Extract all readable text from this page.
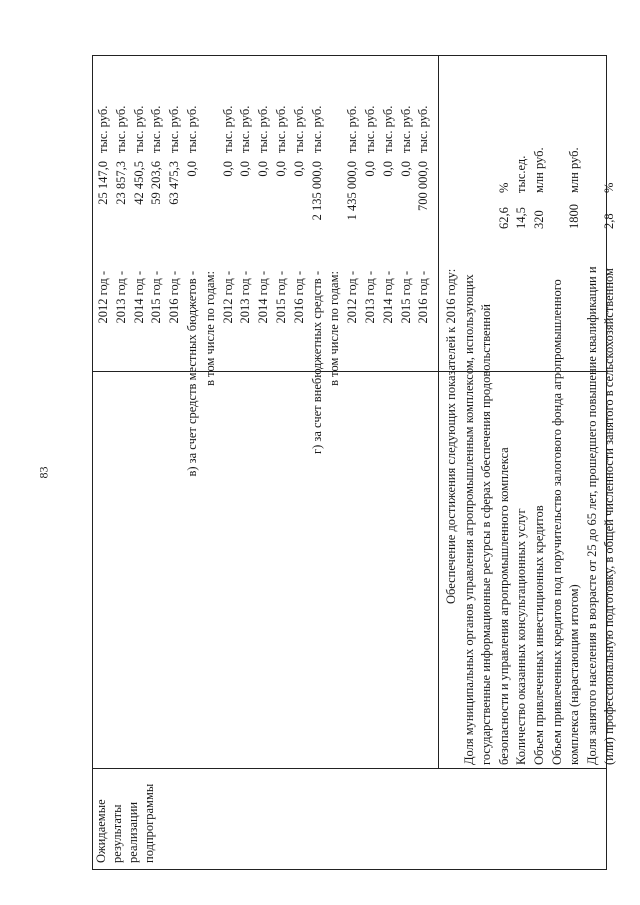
83
Ожидаемые результаты реализации подпрограммы
2012 год -
25 147,0
тыс. руб.
2013 год -
23 857,3
тыс. руб.
2014 год -
42 450,5
тыс. руб.
2015 год -
59 203,6
тыс. руб.
2016 год -
63 475,3
тыс. руб.
в) за счет средств местных бюджетов -
0,0
тыс. руб.
в том числе по годам: 2012 год -
0,0
тыс. руб.
2013 год -
0,0
тыс. руб.
2014 год -
0,0
тыс. руб.
2015 год -
0,0
тыс. руб.
2016 год -
0,0
тыс. руб.
г) за счет внебюджетных средств -
2 135 000,0
тыс. руб.
в том числе по годам: 2012 год -
1 435 000,0
тыс. руб.
2013 год -
0,0
тыс. руб.
2014 год -
0,0
тыс. руб.
2015 год -
0,0
тыс. руб.
2016 год -
700 000,0
тыс. руб.
Обеспечение достижения следующих показателей к 2016 году: Доля муниципальных органов управления агропромышленным комплексом, использующих государственные информационные ресурсы в сферах обеспечения продовольственной безопасности и управления агропромышленного комплекса
62,6
%
Количество оказанных консультационных услуг
14,5
тыс.ед.
Объем привлеченных инвестиционных кредитов
320
млн руб.
Объем привлеченных кредитов под поручительство залогового фонда агропромышленного комплекса (нарастающим итогом)
1800
млн руб.
Доля занятого населения в возрасте от 25 до 65 лет, прошедшего повышение квалификации и (или) профессиональную подготовку, в общей численности занятого в сельскохозяйственном
2,8
%
